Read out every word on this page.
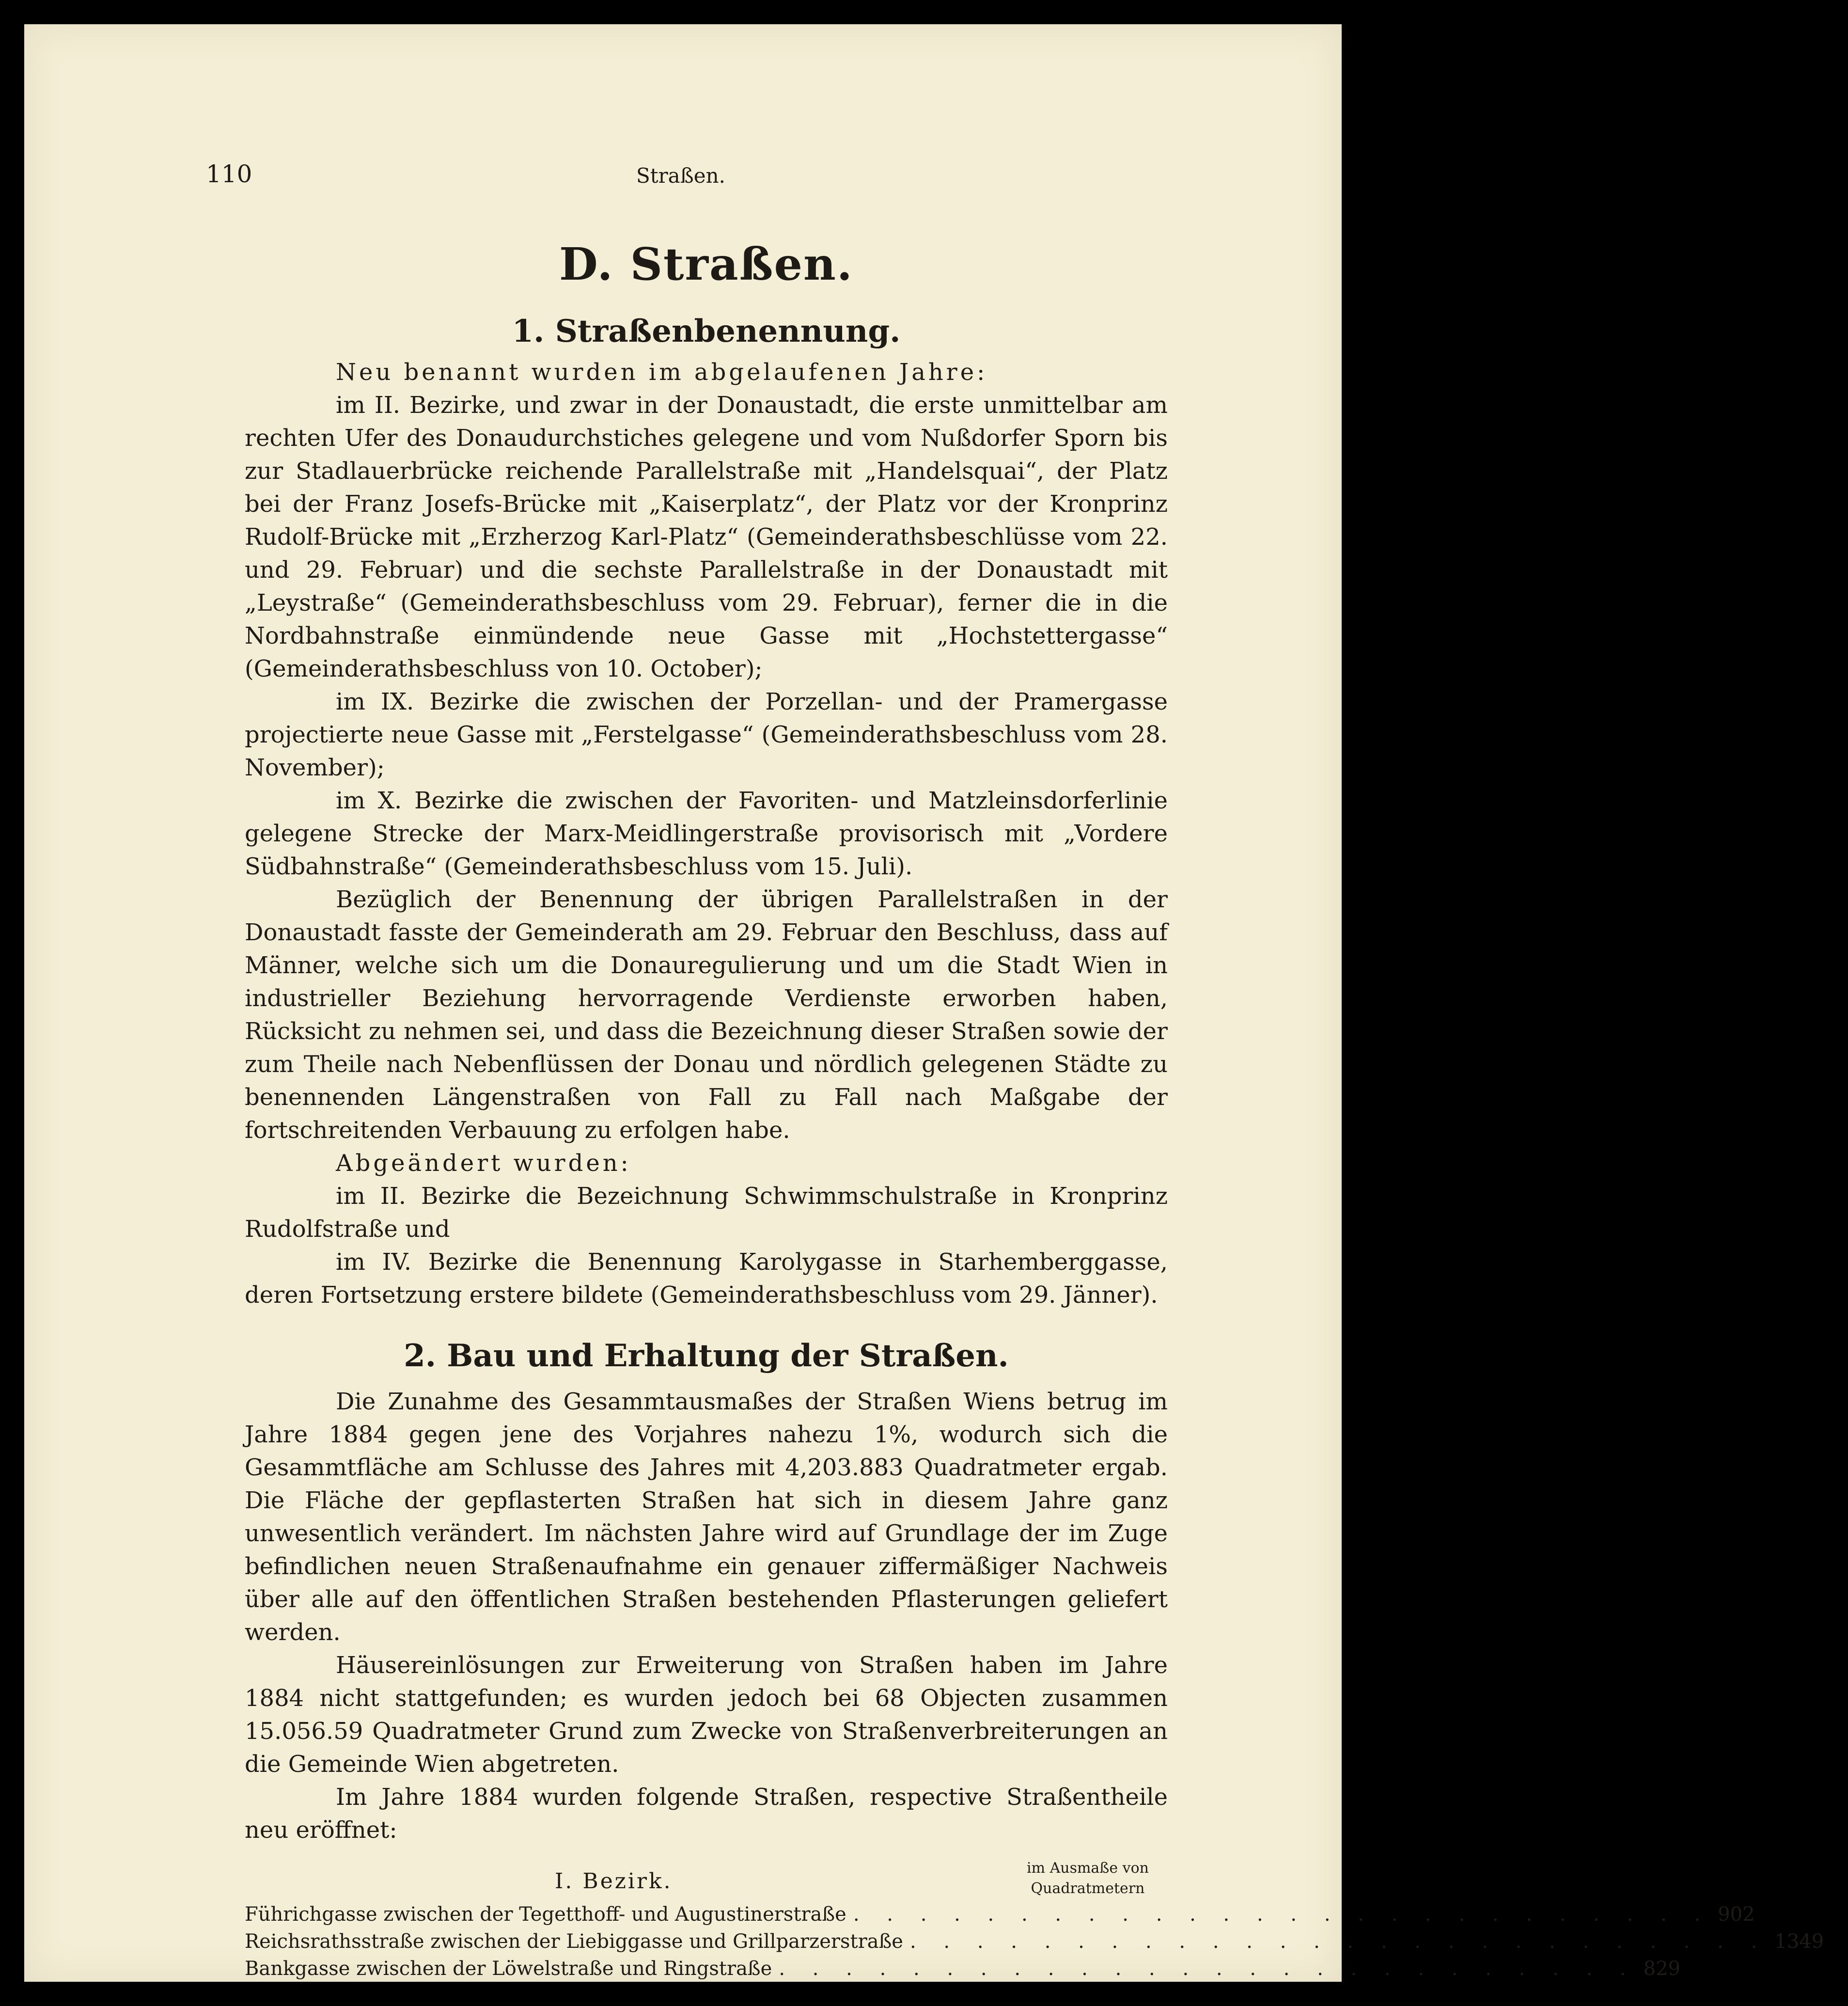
110	Straßen.
D. Straßen.
1. Straßenbenennung.

Neu benannt wurden im abgelaufenen Jahre:

im II. Bezirke, und zwar in der Donaustadt, die erste unmittelbar am rechten Ufer des Donaudurchstiches gelegene und vom Nußdorfer Sporn bis zur Stadlauerbrücke reichende Parallelstraße mit „Handelsquai“, der Platz bei der Franz Josefs-Brücke mit „Kaiserplatz“, der Platz vor der Kronprinz Rudolf-Brücke mit „Erzherzog Karl-Platz“ (Gemeinderathsbeschlüsse vom 22. und 29. Februar) und die sechste Parallelstraße in der Donaustadt mit „Leystraße“ (Gemeinderathsbeschluss vom 29. Februar), ferner die in die Nordbahnstraße einmündende neue Gasse mit „Hochstettergasse“ (Gemeinderathsbeschluss von 10. October);

im IX. Bezirke die zwischen der Porzellan- und der Pramergasse projectierte neue Gasse mit „Ferstelgasse“ (Gemeinderathsbeschluss vom 28. November);

im X. Bezirke die zwischen der Favoriten- und Matzleinsdorferlinie gelegene Strecke der Marx-Meidlingerstraße provisorisch mit „Vordere Südbahnstraße“ (Gemeinderathsbeschluss vom 15. Juli).

Bezüglich der Benennung der übrigen Parallelstraßen in der Donaustadt fasste der Gemeinderath am 29. Februar den Beschluss, dass auf Männer, welche sich um die Donauregulierung und um die Stadt Wien in industrieller Beziehung hervorragende Verdienste erworben haben, Rücksicht zu nehmen sei, und dass die Bezeichnung dieser Straßen sowie der zum Theile nach Nebenflüssen der Donau und nördlich gelegenen Städte zu benennenden Längenstraßen von Fall zu Fall nach Maßgabe der fortschreitenden Verbauung zu erfolgen habe.

Abgeändert wurden:

im II. Bezirke die Bezeichnung Schwimmschulstraße in Kronprinz Rudolfstraße und

im IV. Bezirke die Benennung Karolygasse in Starhemberggasse, deren Fortsetzung erstere bildete (Gemeinderathsbeschluss vom 29. Jänner).

2. Bau und Erhaltung der Straßen.

Die Zunahme des Gesammtausmaßes der Straßen Wiens betrug im Jahre 1884 gegen jene des Vorjahres nahezu 1%, wodurch sich die Gesammtfläche am Schlusse des Jahres mit 4,203.883 Quadratmeter ergab. Die Fläche der gepflasterten Straßen hat sich in diesem Jahre ganz unwesentlich verändert. Im nächsten Jahre wird auf Grundlage der im Zuge befindlichen neuen Straßenaufnahme ein genauer ziffermäßiger Nachweis über alle auf den öffentlichen Straßen bestehenden Pflasterungen geliefert werden.

Häusereinlösungen zur Erweiterung von Straßen haben im Jahre 1884 nicht stattgefunden; es wurden jedoch bei 68 Objecten zusammen 15.056.59 Quadratmeter Grund zum Zwecke von Straßenverbreiterungen an die Gemeinde Wien abgetreten.

Im Jahre 1884 wurden folgende Straßen, respective Straßentheile neu eröffnet:

I. Bezirk.
im Ausmaße von Quadratmetern
Führichgasse zwischen der Tegetthoff- und Augustinerstraße . . . . . . . . . . . . . . . . . . . . . . . . . . 902
Reichsrathsstraße zwischen der Liebiggasse und Grillparzerstraße . . . . . . . . . . . . . . . . . . . . . . . . . . 1349
Bankgasse zwischen der Löwelstraße und Ringstraße . . . . . . . . . . . . . . . . . . . . . . . . . . 829
